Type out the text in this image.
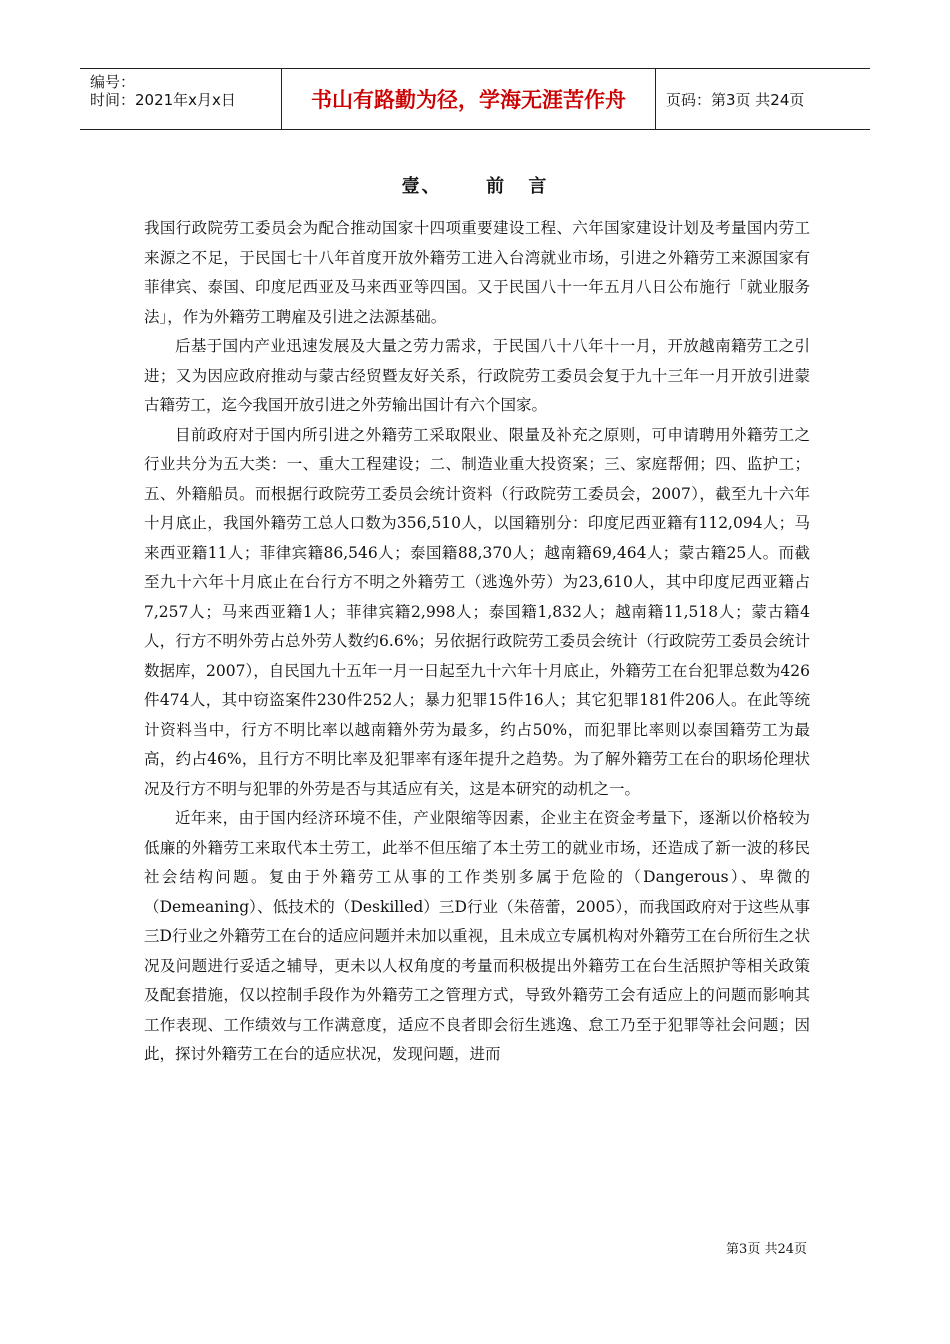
编号：
时间：2021年x月x日	书山有路勤为径，学海无涯苦作舟	页码：第3页 共24页
壹、 前 言

我国行政院劳工委员会为配合推动国家十四项重要建设工程、六年国家建设计划及考量国内劳工来源之不足，于民国七十八年首度开放外籍劳工进入台湾就业市场，引进之外籍劳工来源国家有菲律宾、泰国、印度尼西亚及马来西亚等四国。又于民国八十一年五月八日公布施行「就业服务法」，作为外籍劳工聘雇及引进之法源基础。

后基于国内产业迅速发展及大量之劳力需求，于民国八十八年十一月，开放越南籍劳工之引进；又为因应政府推动与蒙古经贸暨友好关系，行政院劳工委员会复于九十三年一月开放引进蒙古籍劳工，迄今我国开放引进之外劳输出国计有六个国家。

目前政府对于国内所引进之外籍劳工采取限业、限量及补充之原则，可申请聘用外籍劳工之行业共分为五大类：一、重大工程建设；二、制造业重大投资案；三、家庭帮佣；四、监护工；五、外籍船员。而根据行政院劳工委员会统计资料（行政院劳工委员会，2007），截至九十六年十月底止，我国外籍劳工总人口数为356,510人，以国籍别分：印度尼西亚籍有112,094人；马来西亚籍11人；菲律宾籍86,546人；泰国籍88,370人；越南籍69,464人；蒙古籍25人。而截至九十六年十月底止在台行方不明之外籍劳工（逃逸外劳）为23,610人，其中印度尼西亚籍占7,257人；马来西亚籍1人；菲律宾籍2,998人；泰国籍1,832人；越南籍11,518人；蒙古籍4人，行方不明外劳占总外劳人数约6.6%；另依据行政院劳工委员会统计（行政院劳工委员会统计数据库，2007），自民国九十五年一月一日起至九十六年十月底止，外籍劳工在台犯罪总数为426件474人，其中窃盗案件230件252人；暴力犯罪15件16人；其它犯罪181件206人。在此等统计资料当中，行方不明比率以越南籍外劳为最多，约占50%，而犯罪比率则以泰国籍劳工为最高，约占46%，且行方不明比率及犯罪率有逐年提升之趋势。为了解外籍劳工在台的职场伦理状况及行方不明与犯罪的外劳是否与其适应有关，这是本研究的动机之一。

近年来，由于国内经济环境不佳，产业限缩等因素，企业主在资金考量下，逐渐以价格较为低廉的外籍劳工来取代本土劳工，此举不但压缩了本土劳工的就业市场，还造成了新一波的移民社会结构问题。复由于外籍劳工从事的工作类别多属于危险的（Dangerous）、卑微的（Demeaning）、低技术的（Deskilled）三D行业（朱蓓蕾，2005），而我国政府对于这些从事三D行业之外籍劳工在台的适应问题并未加以重视，且未成立专属机构对外籍劳工在台所衍生之状况及问题进行妥适之辅导，更未以人权角度的考量而积极提出外籍劳工在台生活照护等相关政策及配套措施，仅以控制手段作为外籍劳工之管理方式，导致外籍劳工会有适应上的问题而影响其工作表现、工作绩效与工作满意度，适应不良者即会衍生逃逸、怠工乃至于犯罪等社会问题；因此，探讨外籍劳工在台的适应状况，发现问题，进而

第3页 共24页
